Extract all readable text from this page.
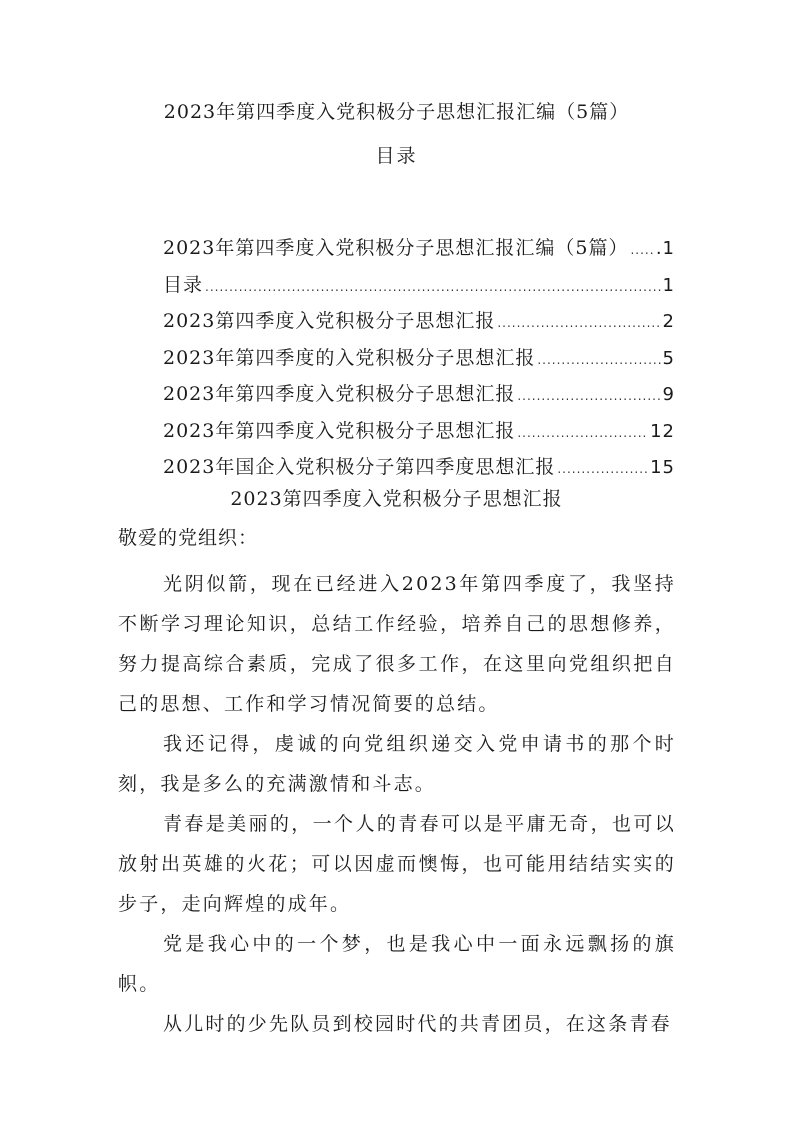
2023年第四季度入党积极分子思想汇报汇编（5篇）
目录
2023年第四季度入党积极分子思想汇报汇编（5篇） ..... .1
目录 .....	1
2023第四季度入党积极分子思想汇报 .....	2
2023年第四季度的入党积极分子思想汇报 .....	5
2023年第四季度入党积极分子思想汇报 .....	9
2023年第四季度入党积极分子思想汇报 .....	12
2023年国企入党积极分子第四季度思想汇报 .....	15
2023第四季度入党积极分子思想汇报
敬爱的党组织：

光阴似箭，现在已经进入2023年第四季度了，我坚持不断学习理论知识，总结工作经验，培养自己的思想修养，努力提高综合素质，完成了很多工作，在这里向党组织把自己的思想、工作和学习情况简要的总结。

我还记得，虔诚的向党组织递交入党申请书的那个时刻，我是多么的充满激情和斗志。

青春是美丽的，一个人的青春可以是平庸无奇，也可以放射出英雄的火花；可以因虚而懊悔，也可能用结结实实的步子，走向辉煌的成年。

党是我心中的一个梦，也是我心中一面永远飘扬的旗帜。

从儿时的少先队员到校园时代的共青团员，在这条青春
